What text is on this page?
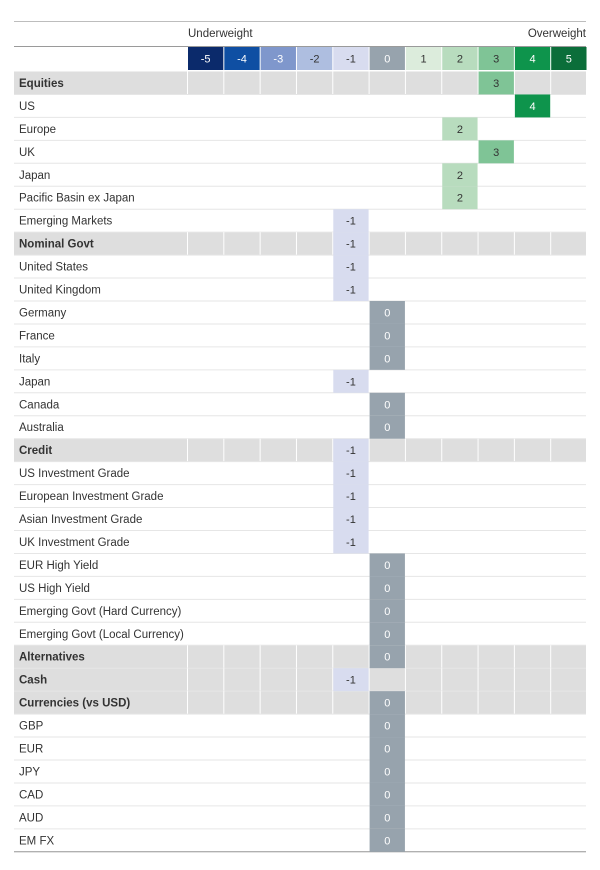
Underweight	Overweight
-5 -4 -3 -2 -1	0	1	2	3	4	5
Equities	3
US	4
Europe	2
UK	3
Japan	2
Pacific Basin ex Japan	2
Emerging Markets	-1
Nominal Govt	-1
United States	-1
United Kingdom	-1
Germany	0
France	0
Italy	0
Japan	-1
Canada	0
Australia	0
Credit	-1
US Investment Grade	-1
European Investment Grade	-1
Asian Investment Grade	-1
UK Investment Grade	-1
EUR High Yield	0
US High Yield	0
Emerging Govt (Hard Currency)	0
Emerging Govt (Local Currency)	0
Alternatives	0
Cash	-1
Currencies (vs USD)	0
GBP	0
EUR	0
JPY	0
CAD	0
AUD	0
EM FX	0
